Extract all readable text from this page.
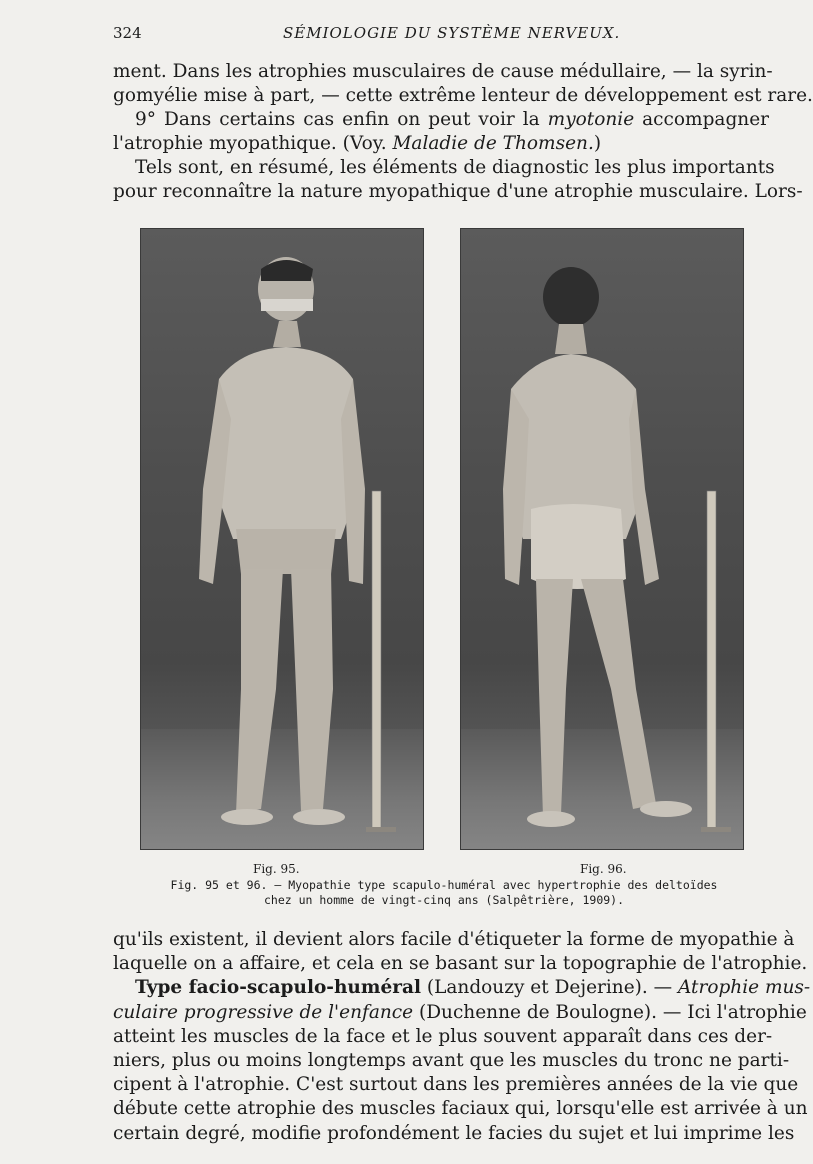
324	SÉMIOLOGIE DU SYSTÈME NERVEUX.
ment. Dans les atrophies musculaires de cause médullaire, — la syrin-
gomyélie mise à part, — cette extrême lenteur de développement est rare.
9° Dans certains cas enfin on peut voir la myotonie accompagner
l'atrophie myopathique. (Voy. Maladie de Thomsen.)
Tels sont, en résumé, les éléments de diagnostic les plus importants
pour reconnaître la nature myopathique d'une atrophie musculaire. Lors-
Fig. 95.	Fig. 96.
Fig. 95 et 96. — Myopathie type scapulo-huméral avec hypertrophie des deltoïdes
chez un homme de vingt-cinq ans (Salpêtrière, 1909).
qu'ils existent, il devient alors facile d'étiqueter la forme de myopathie à
laquelle on a affaire, et cela en se basant sur la topographie de l'atrophie.
Type facio-scapulo-huméral (Landouzy et Dejerine). — Atrophie mus-
culaire progressive de l'enfance (Duchenne de Boulogne). — Ici l'atrophie
atteint les muscles de la face et le plus souvent apparaît dans ces der-
niers, plus ou moins longtemps avant que les muscles du tronc ne parti-
cipent à l'atrophie. C'est surtout dans les premières années de la vie que
débute cette atrophie des muscles faciaux qui, lorsqu'elle est arrivée à un
certain degré, modifie profondément le facies du sujet et lui imprime les
